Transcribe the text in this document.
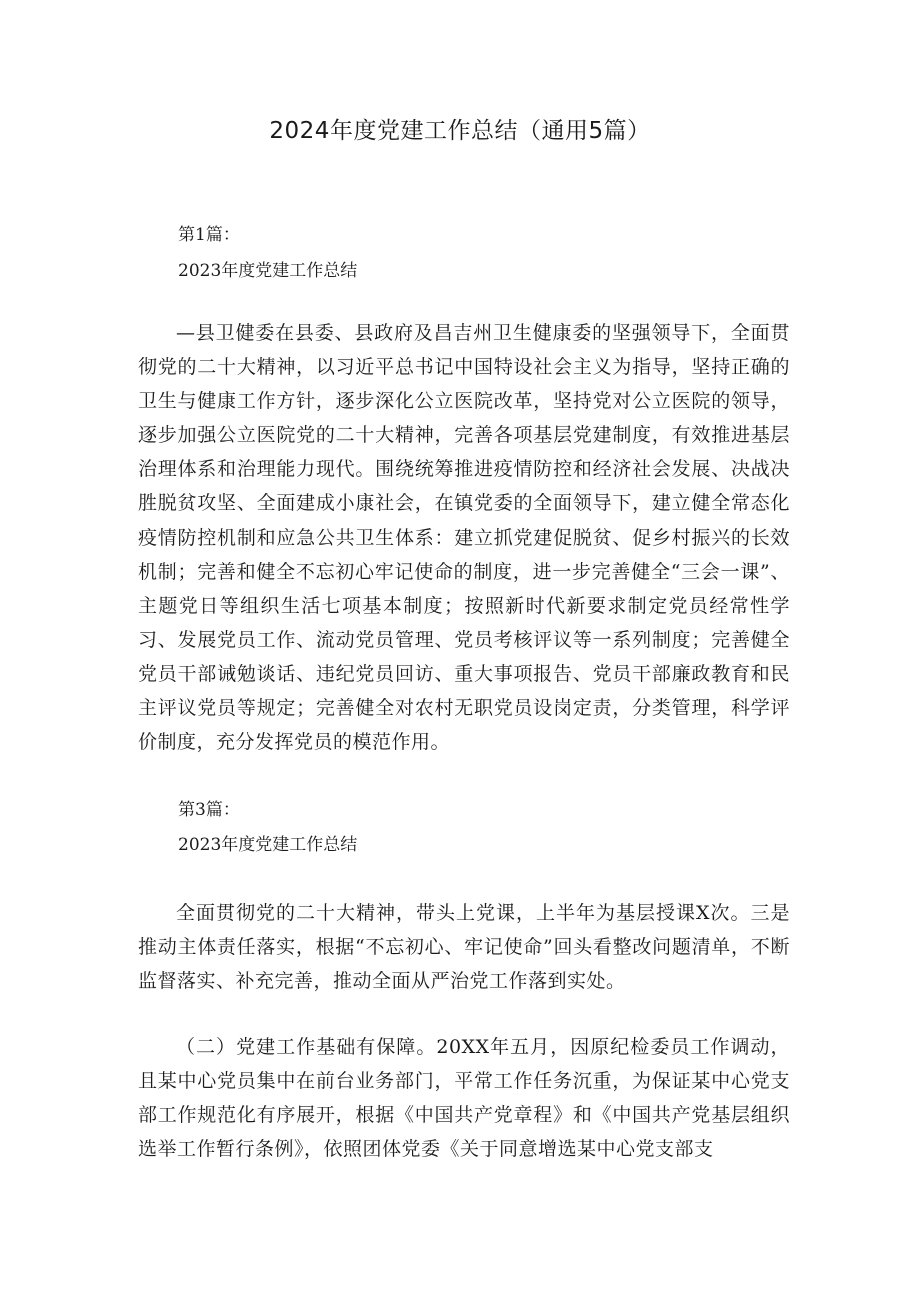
2024年度党建工作总结（通用5篇）
第1篇：
2023年度党建工作总结

—县卫健委在县委、县政府及昌吉州卫生健康委的坚强领导下，全面贯彻党的二十大精神，以习近平总书记中国特设社会主义为指导，坚持正确的卫生与健康工作方针，逐步深化公立医院改革，坚持党对公立医院的领导，逐步加强公立医院党的二十大精神，完善各项基层党建制度，有效推进基层治理体系和治理能力现代。围绕统筹推进疫情防控和经济社会发展、决战决胜脱贫攻坚、全面建成小康社会，在镇党委的全面领导下，建立健全常态化疫情防控机制和应急公共卫生体系：建立抓党建促脱贫、促乡村振兴的长效机制；完善和健全不忘初心牢记使命的制度，进一步完善健全“三会一课”、主题党日等组织生活七项基本制度；按照新时代新要求制定党员经常性学习、发展党员工作、流动党员管理、党员考核评议等一系列制度；完善健全党员干部诫勉谈话、违纪党员回访、重大事项报告、党员干部廉政教育和民主评议党员等规定；完善健全对农村无职党员设岗定责，分类管理，科学评价制度，充分发挥党员的模范作用。

第3篇：
2023年度党建工作总结

全面贯彻党的二十大精神，带头上党课，上半年为基层授课X次。三是推动主体责任落实，根据“不忘初心、牢记使命”回头看整改问题清单，不断监督落实、补充完善，推动全面从严治党工作落到实处。

（二）党建工作基础有保障。20XX年五月，因原纪检委员工作调动，且某中心党员集中在前台业务部门，平常工作任务沉重，为保证某中心党支部工作规范化有序展开，根据《中国共产党章程》和《中国共产党基层组织选举工作暂行条例》，依照团体党委《关于同意增选某中心党支部支
